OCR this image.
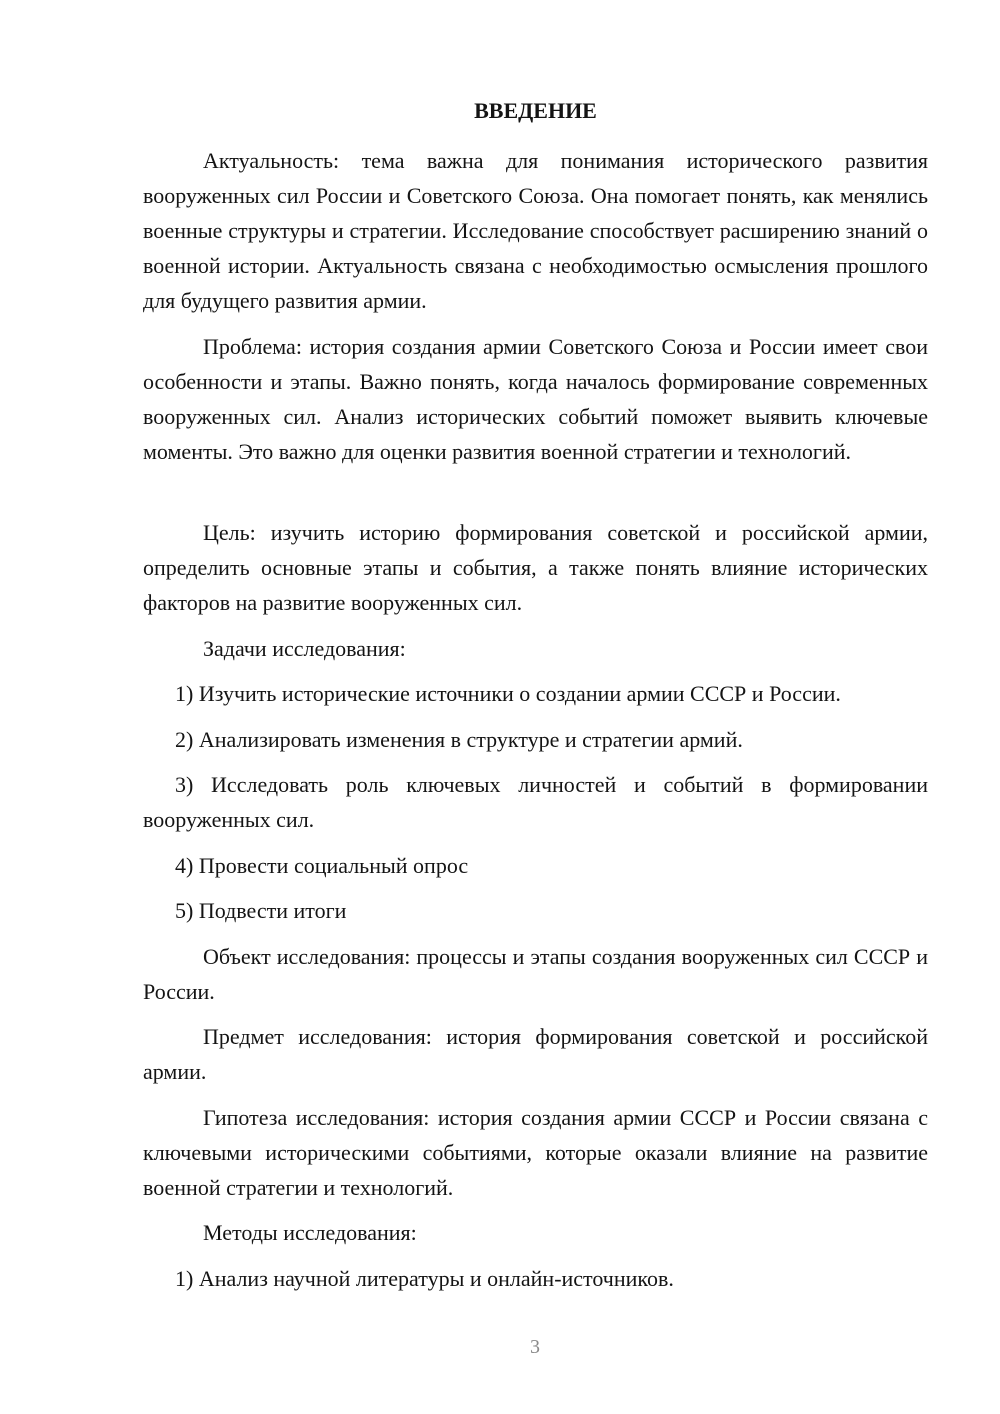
ВВЕДЕНИЕ

Актуальность: тема важна для понимания исторического развития вооруженных сил России и Советского Союза. Она помогает понять, как менялись военные структуры и стратегии. Исследование способствует расширению знаний о военной истории. Актуальность связана с необходимостью осмысления прошлого для будущего развития армии.

Проблема: история создания армии Советского Союза и России имеет свои особенности и этапы. Важно понять, когда началось формирование современных вооруженных сил. Анализ исторических событий поможет выявить ключевые моменты. Это важно для оценки развития военной стратегии и технологий.

Цель: изучить историю формирования советской и российской армии, определить основные этапы и события, а также понять влияние исторических факторов на развитие вооруженных сил.

Задачи исследования:

1) Изучить исторические источники о создании армии СССР и России.

2) Анализировать изменения в структуре и стратегии армий.

3) Исследовать роль ключевых личностей и событий в формировании вооруженных сил.

4) Провести социальный опрос

5) Подвести итоги

Объект исследования: процессы и этапы создания вооруженных сил СССР и России.

Предмет исследования: история формирования советской и российской армии.

Гипотеза исследования: история создания армии СССР и России связана с ключевыми историческими событиями, которые оказали влияние на развитие военной стратегии и технологий.

Методы исследования:

1) Анализ научной литературы и онлайн-источников.

3
